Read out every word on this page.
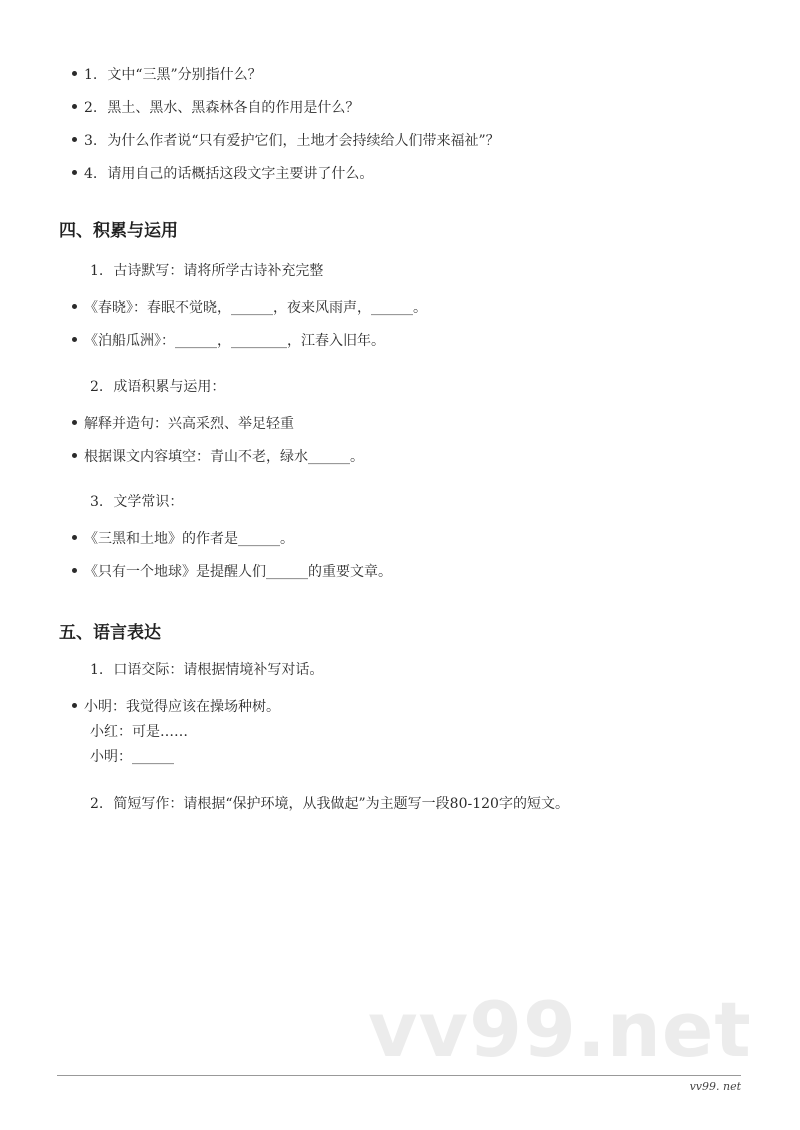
1. 文中“三黑”分别指什么？
2. 黑土、黑水、黑森林各自的作用是什么？
3. 为什么作者说“只有爱护它们，土地才会持续给人们带来福祉”？
4. 请用自己的话概括这段文字主要讲了什么。
四、积累与运用
1. 古诗默写：请将所学古诗补充完整
《春晓》：春眠不觉晓，______，夜来风雨声，______。
《泊船瓜洲》：______，________，江春入旧年。
2. 成语积累与运用：
解释并造句：兴高采烈、举足轻重
根据课文内容填空：青山不老，绿水______。
3. 文学常识：
《三黑和土地》的作者是______。
《只有一个地球》是提醒人们______的重要文章。
五、语言表达
1. 口语交际：请根据情境补写对话。
小明：我觉得应该在操场种树。
小红：可是……
小明：______
2. 简短写作：请根据“保护环境，从我做起”为主题写一段80-120字的短文。
vv99.net
vv99. net
